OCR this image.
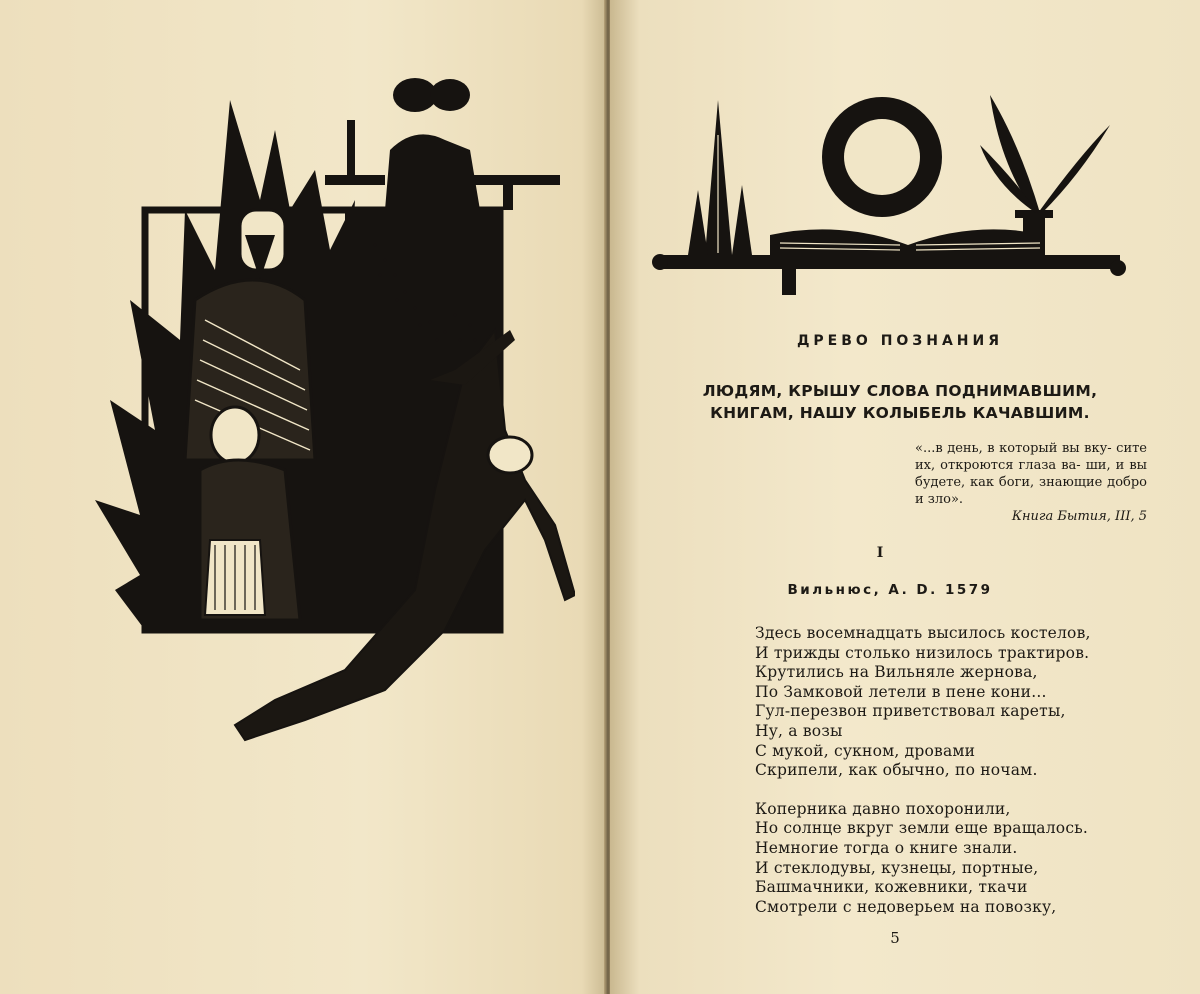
ДРЕВО ПОЗНАНИЯ
ЛЮДЯМ, КРЫШУ СЛОВА ПОДНИМАВШИМ,
КНИГАМ, НАШУ КОЛЫБЕЛЬ КАЧАВШИМ.
«...в день, в который вы вку- сите их, откроются глаза ва- ши, и вы будете, как боги, знающие добро и зло».
Книга Бытия, III, 5
I
Вильнюс, A. D. 1579
Здесь восемнадцать высилось костелов,
И трижды столько низилось трактиров.
Крутились на Вильняле жернова,
По Замковой летели в пене кони...
Гул-перезвон приветствовал кареты,
Ну, а возы
С мукой, сукном, дровами
Скрипели, как обычно, по ночам.
Коперника давно похоронили,
Но солнце вкруг земли еще вращалось.
Немногие тогда о книге знали.
И стеклодувы, кузнецы, портные,
Башмачники, кожевники, ткачи
Смотрели с недоверьем на повозку,
5
